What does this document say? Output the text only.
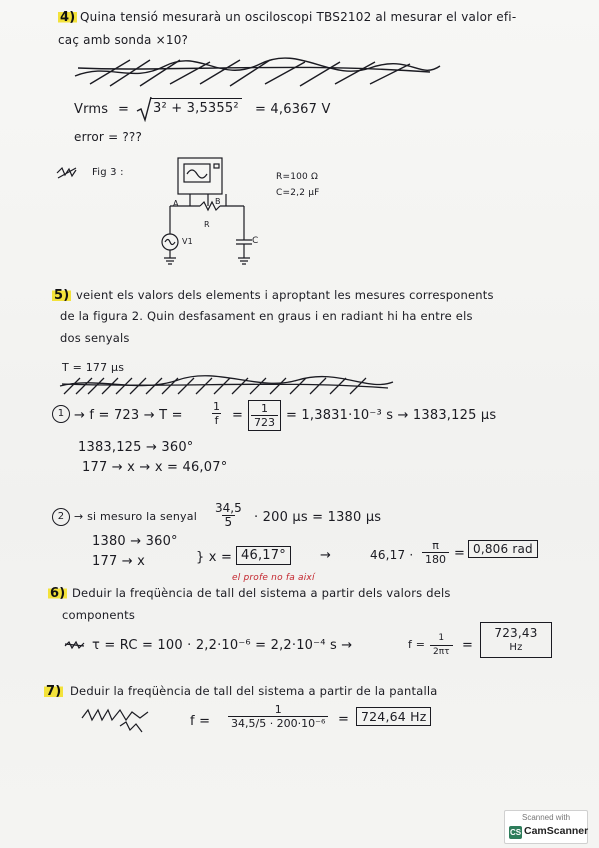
4) Quina tensió mesurarà un osciloscopi TBS2102 al mesurar el valor efi-
caç amb sonda ×10?
Vrms = 3² + 3,5355² = 4,6367 V
error = ???
Fig 3 :
A	B
R
C
V1
R=100 Ω
C=2,2 μF
5) veient els valors dels elements i aproptant les mesures corresponents
de la figura 2. Quin desfasament en graus i en radiant hi ha entre els
dos senyals
T = 177 μs
$1 \to f = 723 \to T = \frac{1}{f} = \frac{1}{723} = 1,3831\cdot 10^{-3}$ s → 1383,125 μs
1383,125 → 360°
177 → x → x = 46,07°
2 → si mesuro la senyal $\frac{34,5}{5} \cdot 200$ μs = 1380 μs
1380 → 360°
177 → x	} x = 46,17°
el profe no fa així
→	$46,17 \cdot \frac{\pi}{180} = 0,806$ rad
6) Deduir la freqüència de tall del sistema a partir dels valors dels
components
τ = RC = 100 · 2,2·10⁻⁶ = 2,2·10⁻⁴ s →	$f = \frac{1}{2\pi\tau}$ =
723,43
Hz
7) Deduir la freqüència de tall del sistema a partir de la pantalla
$f = \frac{1}{\text{34,5/5 · 200·10⁻⁶}} = 724,64$ Hz
Scanned with
CS CamScanner
